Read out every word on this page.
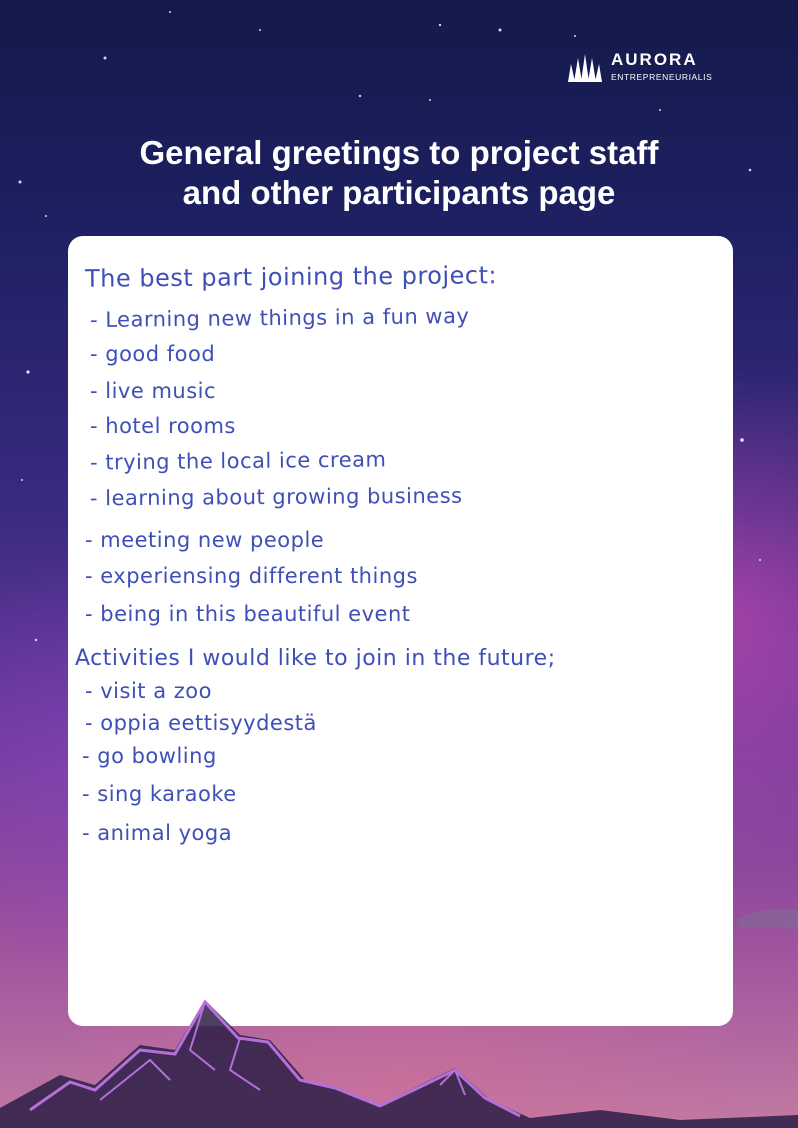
AURORA
ENTREPRENEURIALIS
General greetings to project staff
and other participants page
The best part joining the project:
- Learning new things in a fun way
- good food
- live music
- hotel rooms
- trying the local ice cream
- learning about growing business
- meeting new people
- experiensing different things
- being in this beautiful event
Activities I would like to join in the future;
- visit a zoo
- oppia eettisyydestä
- go bowling
- sing karaoke
- animal yoga
